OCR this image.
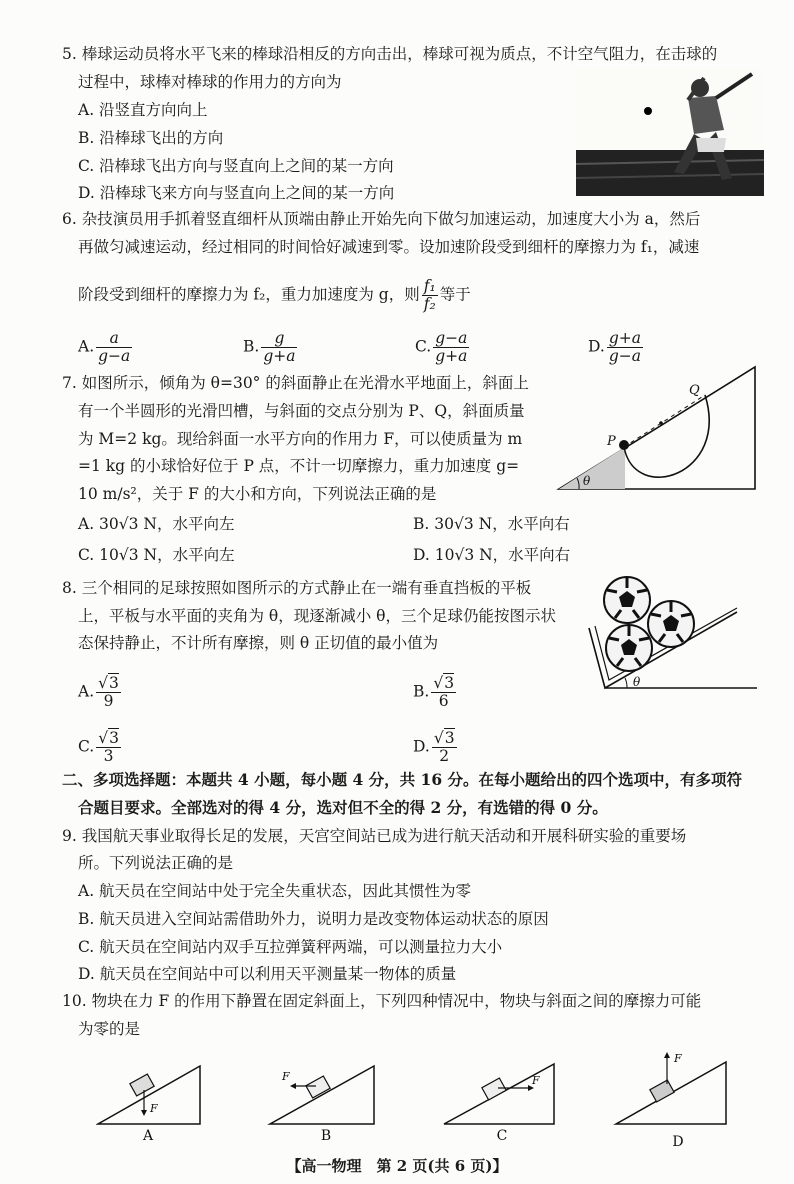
5. 棒球运动员将水平飞来的棒球沿相反的方向击出，棒球可视为质点，不计空气阻力，在击球的
过程中，球棒对棒球的作用力的方向为
A. 沿竖直方向向上
B. 沿棒球飞出的方向
C. 沿棒球飞出方向与竖直向上之间的某一方向
D. 沿棒球飞来方向与竖直向上之间的某一方向
6. 杂技演员用手抓着竖直细杆从顶端由静止开始先向下做匀加速运动，加速度大小为 a，然后
再做匀减速运动，经过相同的时间恰好减速到零。设加速阶段受到细杆的摩擦力为 f₁，减速
阶段受到细杆的摩擦力为 f₂，重力加速度为 g，则 $\frac{\text{f₁}}{\text{f₂}}$ 等于
A. $\frac{a}{g-a}$	B. $\frac{g}{g+a}$	C. $\frac{g-a}{g+a}$	D. $\frac{g+a}{g-a}$
7. 如图所示，倾角为 θ=30° 的斜面静止在光滑水平地面上，斜面上
有一个半圆形的光滑凹槽，与斜面的交点分别为 P、Q，斜面质量
为 M=2 kg。现给斜面一水平方向的作用力 F，可以使质量为 m
=1 kg 的小球恰好位于 P 点，不计一切摩擦力，重力加速度 g=
10 m/s²，关于 F 的大小和方向，下列说法正确的是
A. 30√3 N，水平向左	B. 30√3 N，水平向右
C. 10√3 N，水平向左	D. 10√3 N，水平向右
θ
P
Q
8. 三个相同的足球按照如图所示的方式静止在一端有垂直挡板的平板
上，平板与水平面的夹角为 θ，现逐渐减小 θ，三个足球仍能按图示状
态保持静止，不计所有摩擦，则 θ 正切值的最小值为
A. $\frac{√3}{9}$	B. $\frac{√3}{6}$
C. $\frac{√3}{3}$	D. $\frac{√3}{2}$
θ
二、多项选择题：本题共 4 小题，每小题 4 分，共 16 分。在每小题给出的四个选项中，有多项符
合题目要求。全部选对的得 4 分，选对但不全的得 2 分，有选错的得 0 分。
9. 我国航天事业取得长足的发展，天宫空间站已成为进行航天活动和开展科研实验的重要场
所。下列说法正确的是
A. 航天员在空间站中处于完全失重状态，因此其惯性为零
B. 航天员进入空间站需借助外力，说明力是改变物体运动状态的原因
C. 航天员在空间站内双手互拉弹簧秤两端，可以测量拉力大小
D. 航天员在空间站中可以利用天平测量某一物体的质量
10. 物块在力 F 的作用下静置在固定斜面上，下列四种情况中，物块与斜面之间的摩擦力可能
为零的是
F
A
F
B
F
C
F
D
【高一物理　第 2 页(共 6 页)】
